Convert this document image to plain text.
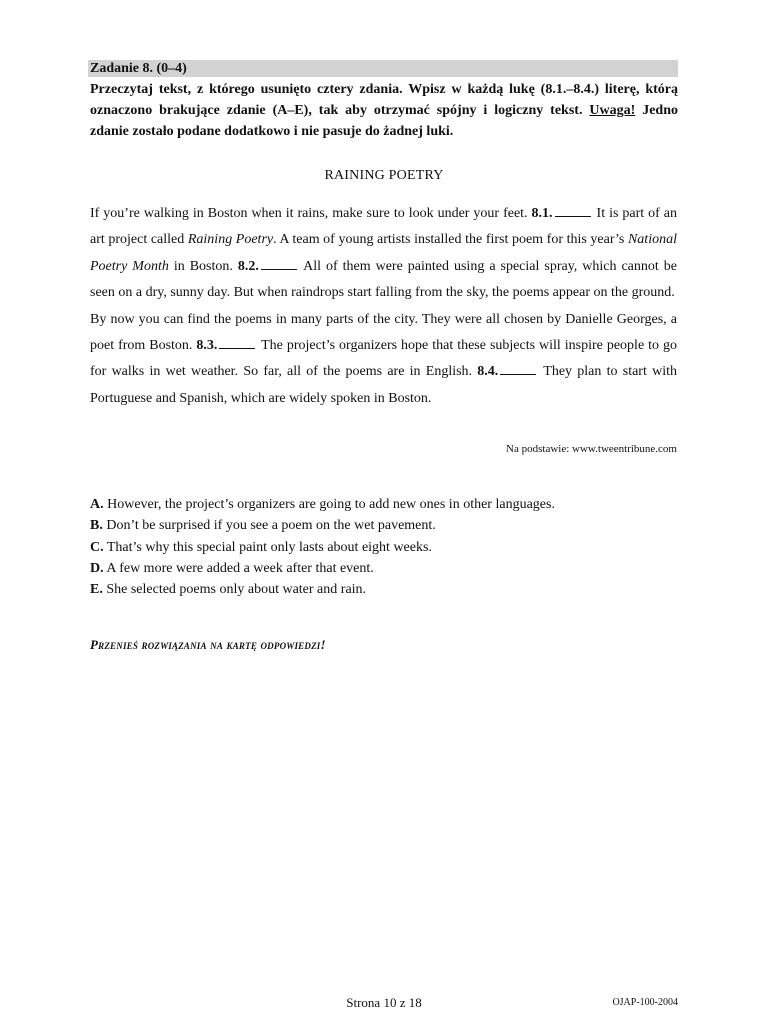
Zadanie 8. (0–4)

Przeczytaj tekst, z którego usunięto cztery zdania. Wpisz w każdą lukę (8.1.–8.4.) literę, którą oznaczono brakujące zdanie (A–E), tak aby otrzymać spójny i logiczny tekst. Uwaga! Jedno zdanie zostało podane dodatkowo i nie pasuje do żadnej luki.

RAINING POETRY

If you’re walking in Boston when it rains, make sure to look under your feet. 8.1.	It is part of an art project called Raining Poetry. A team of young artists installed the first poem for this year’s National Poetry Month in Boston. 8.2.	All of them were painted using a special spray, which cannot be seen on a dry, sunny day. But when raindrops start falling from the sky, the poems appear on the ground.

By now you can find the poems in many parts of the city. They were all chosen by Danielle Georges, a poet from Boston. 8.3.	The project’s organizers hope that these subjects will inspire people to go for walks in wet weather. So far, all of the poems are in English. 8.4.	They plan to start with Portuguese and Spanish, which are widely spoken in Boston.

Na podstawie: www.tweentribune.com
A. However, the project’s organizers are going to add new ones in other languages.
B. Don’t be surprised if you see a poem on the wet pavement.
C. That’s why this special paint only lasts about eight weeks.
D. A few more were added a week after that event.
E. She selected poems only about water and rain.
Przenieś rozwiązania na kartę odpowiedzi!
Strona 10 z 18	OJAP-100-2004
